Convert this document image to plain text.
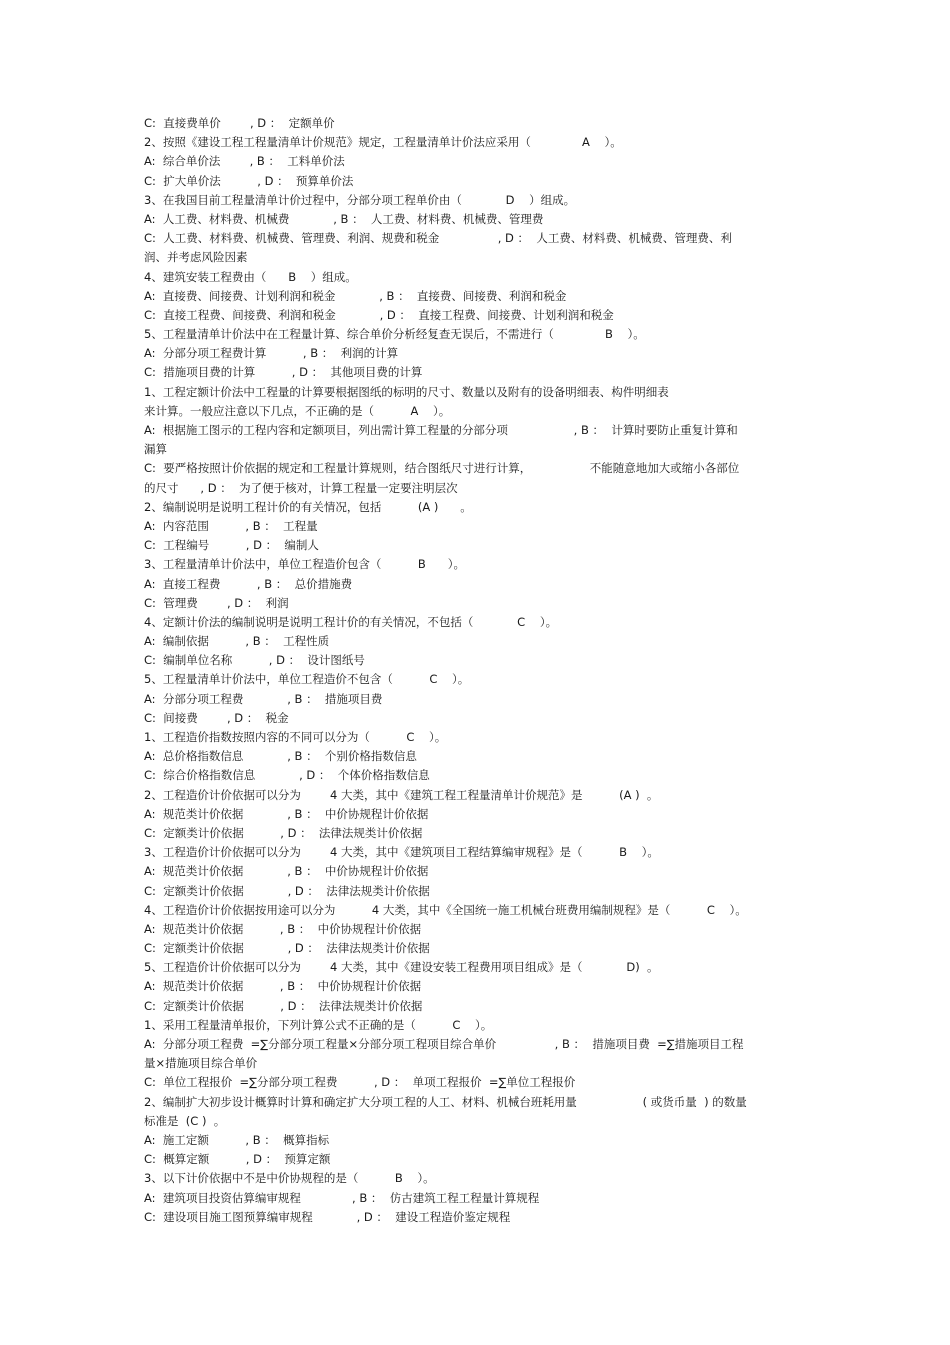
C:  直接费单价        , D ：  定额单价
2、按照《建设工程工程量清单计价规范》规定，工程量清单计价法应采用（              A    ）。
A:  综合单价法        , B ：  工料单价法
C:  扩大单价法          , D ：  预算单价法
3、在我国目前工程量清单计价过程中，分部分项工程单价由（            D    ）组成。
A:  人工费、材料费、机械费            , B ：  人工费、材料费、机械费、管理费
C:  人工费、材料费、机械费、管理费、利润、规费和税金                , D ：  人工费、材料费、机械费、管理费、利
润、并考虑风险因素
4、建筑安装工程费由（      B    ）组成。
A:  直接费、间接费、计划利润和税金            , B ：  直接费、间接费、利润和税金
C:  直接工程费、间接费、利润和税金            , D ：  直接工程费、间接费、计划利润和税金
5、工程量清单计价法中在工程量计算、综合单价分析经复查无误后，不需进行（              B    ）。
A:  分部分项工程费计算          , B ：  利润的计算
C:  措施项目费的计算          , D ：  其他项目费的计算
1、工程定额计价法中工程量的计算要根据图纸的标明的尺寸、数量以及附有的设备明细表、构件明细表
来计算。一般应注意以下几点，不正确的是（          A    ）。
A:  根据施工图示的工程内容和定额项目，列出需计算工程量的分部分项                  , B ：  计算时要防止重复计算和
漏算
C:  要严格按照计价依据的规定和工程量计算规则，结合图纸尺寸进行计算，                不能随意地加大或缩小各部位
的尺寸      , D ：  为了便于核对，计算工程量一定要注明层次
2、编制说明是说明工程计价的有关情况，包括          (A )      。
A:  内容范围          , B ：  工程量
C:  工程编号          , D ：  编制人
3、工程量清单计价法中，单位工程造价包含（          B      ）。
A:  直接工程费          , B ：  总价措施费
C:  管理费        , D ：  利润
4、定额计价法的编制说明是说明工程计价的有关情况，不包括（            C    ）。
A:  编制依据          , B ：  工程性质
C:  编制单位名称          , D ：  设计图纸号
5、工程量清单计价法中，单位工程造价不包含（          C    ）。
A:  分部分项工程费            , B ：  措施项目费
C:  间接费        , D ：  税金
1、工程造价指数按照内容的不同可以分为（          C    ）。
A:  总价格指数信息            , B ：  个别价格指数信息
C:  综合价格指数信息            , D ：  个体价格指数信息
2、工程造价计价依据可以分为        4 大类，其中《建筑工程工程量清单计价规范》是          (A )  。
A:  规范类计价依据            , B ：  中价协规程计价依据
C:  定额类计价依据          , D ：  法律法规类计价依据
3、工程造价计价依据可以分为        4 大类，其中《建筑项目工程结算编审规程》是（          B    ）。
A:  规范类计价依据            , B ：  中价协规程计价依据
C:  定额类计价依据            , D ：  法律法规类计价依据
4、工程造价计价依据按用途可以分为          4 大类，其中《全国统一施工机械台班费用编制规程》是（          C    ）。
A:  规范类计价依据          , B ：  中价协规程计价依据
C:  定额类计价依据            , D ：  法律法规类计价依据
5、工程造价计价依据可以分为        4 大类，其中《建设安装工程费用项目组成》是（            D)  。
A:  规范类计价依据          , B ：  中价协规程计价依据
C:  定额类计价依据          , D ：  法律法规类计价依据
1、采用工程量清单报价，下列计算公式不正确的是（          C    ）。
A:  分部分项工程费  =∑分部分项工程量×分部分项工程项目综合单价                , B ：  措施项目费  =∑措施项目工程
量×措施项目综合单价
C:  单位工程报价  =∑分部分项工程费          , D ：  单项工程报价  =∑单位工程报价
2、编制扩大初步设计概算时计算和确定扩大分项工程的人工、材料、机械台班耗用量                  ( 或货币量  ) 的数量
标准是  (C )  。
A:  施工定额          , B ：  概算指标
C:  概算定额          , D ：  预算定额
3、以下计价依据中不是中价协规程的是（          B    ）。
A:  建筑项目投资估算编审规程              , B ：  仿古建筑工程工程量计算规程
C:  建设项目施工图预算编审规程            , D ：  建设工程造价鉴定规程
